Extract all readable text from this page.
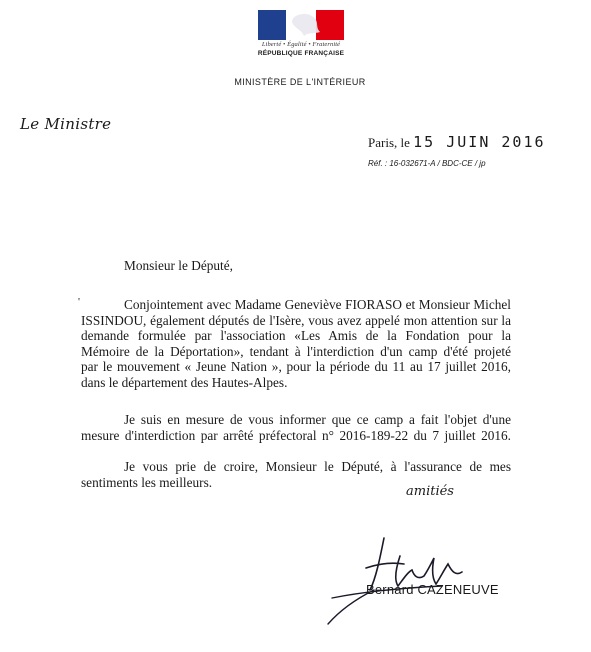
Liberté • Égalité • Fraternité
RÉPUBLIQUE FRANÇAISE
MINISTÈRE DE L'INTÉRIEUR
Le Ministre
Paris, le 15 JUIN 2016
Réf. : 16-032671-A / BDC-CE / jp
Monsieur le Député,
'	Conjointement avec Madame Geneviève FIORASO et Monsieur Michel
ISSINDOU, également députés de l'Isère, vous avez appelé mon attention sur la
demande formulée par l'association «Les Amis de la Fondation pour la
Mémoire de la Déportation», tendant à l'interdiction d'un camp d'été projeté
par le mouvement « Jeune Nation », pour la période du 11 au 17 juillet 2016,
dans le département des Hautes-Alpes.
Je suis en mesure de vous informer que ce camp a fait l'objet d'une
mesure d'interdiction par arrêté préfectoral n° 2016-189-22 du 7 juillet 2016.
Je vous prie de croire, Monsieur le Député, à l'assurance de mes
sentiments les meilleurs.
amitiés
Bernard CAZENEUVE
